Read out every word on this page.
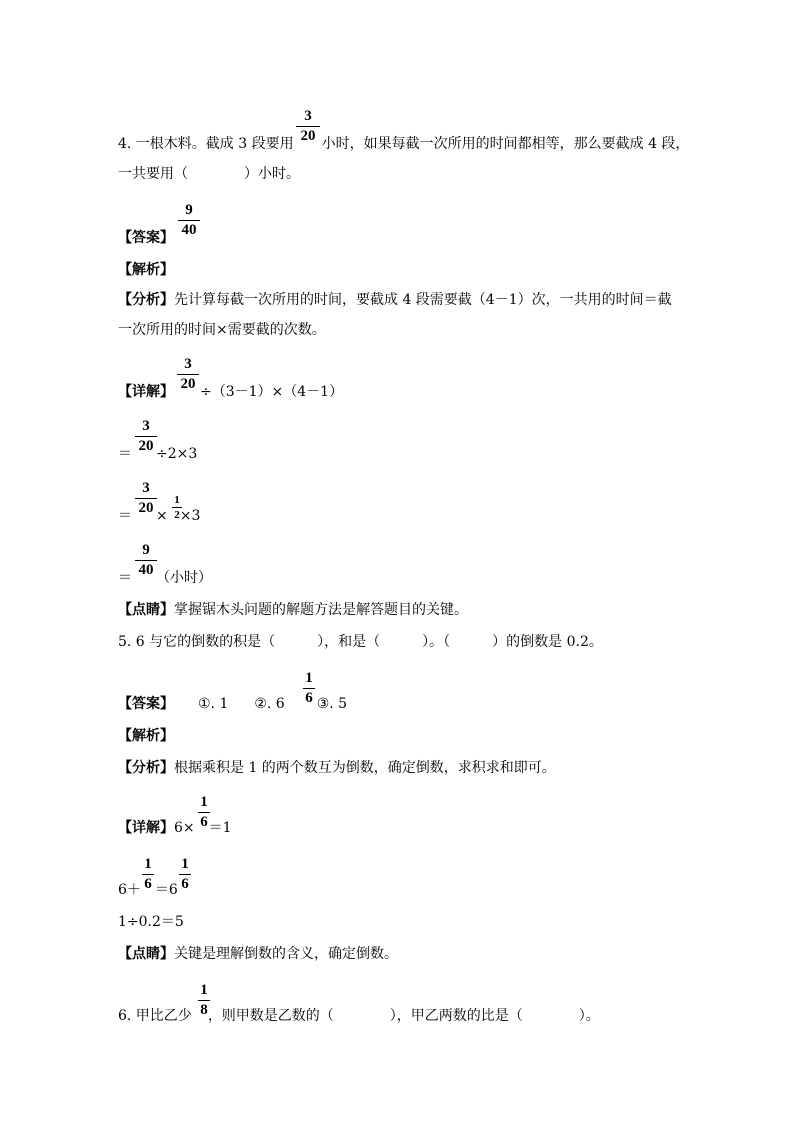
3
20
4. 一根木料。截成 3 段要用 小时，如果每截一次所用的时间都相等，那么要截成 4 段，
一共要用（　　　　）小时。
9
40
【答案】
【解析】
【分析】先计算每截一次所用的时间，要截成 4 段需要截（4－1）次，一共用的时间＝截
一次所用的时间×需要截的次数。
3
20
【详解】 ÷（3－1）×（4－1）
3
20
＝ ÷2×3
3
20	1
2
＝ × ×3
9
40
＝ （小时）
【点睛】掌握锯木头问题的解题方法是解答题目的关键。
5. 6 与它的倒数的积是（　　　），和是（　　　）。（　　　）的倒数是 0.2。
1
6
【答案】 ①. 1 ②. 6 ③. 5
【解析】
【分析】根据乘积是 1 的两个数互为倒数，确定倒数，求积求和即可。
1
6
【详解】6× ＝1
1
6
1
6
6＋ ＝6
1÷0.2＝5
【点睛】关键是理解倒数的含义，确定倒数。
1
8
6. 甲比乙少 ，则甲数是乙数的（　　　　），甲乙两数的比是（　　　　）。
